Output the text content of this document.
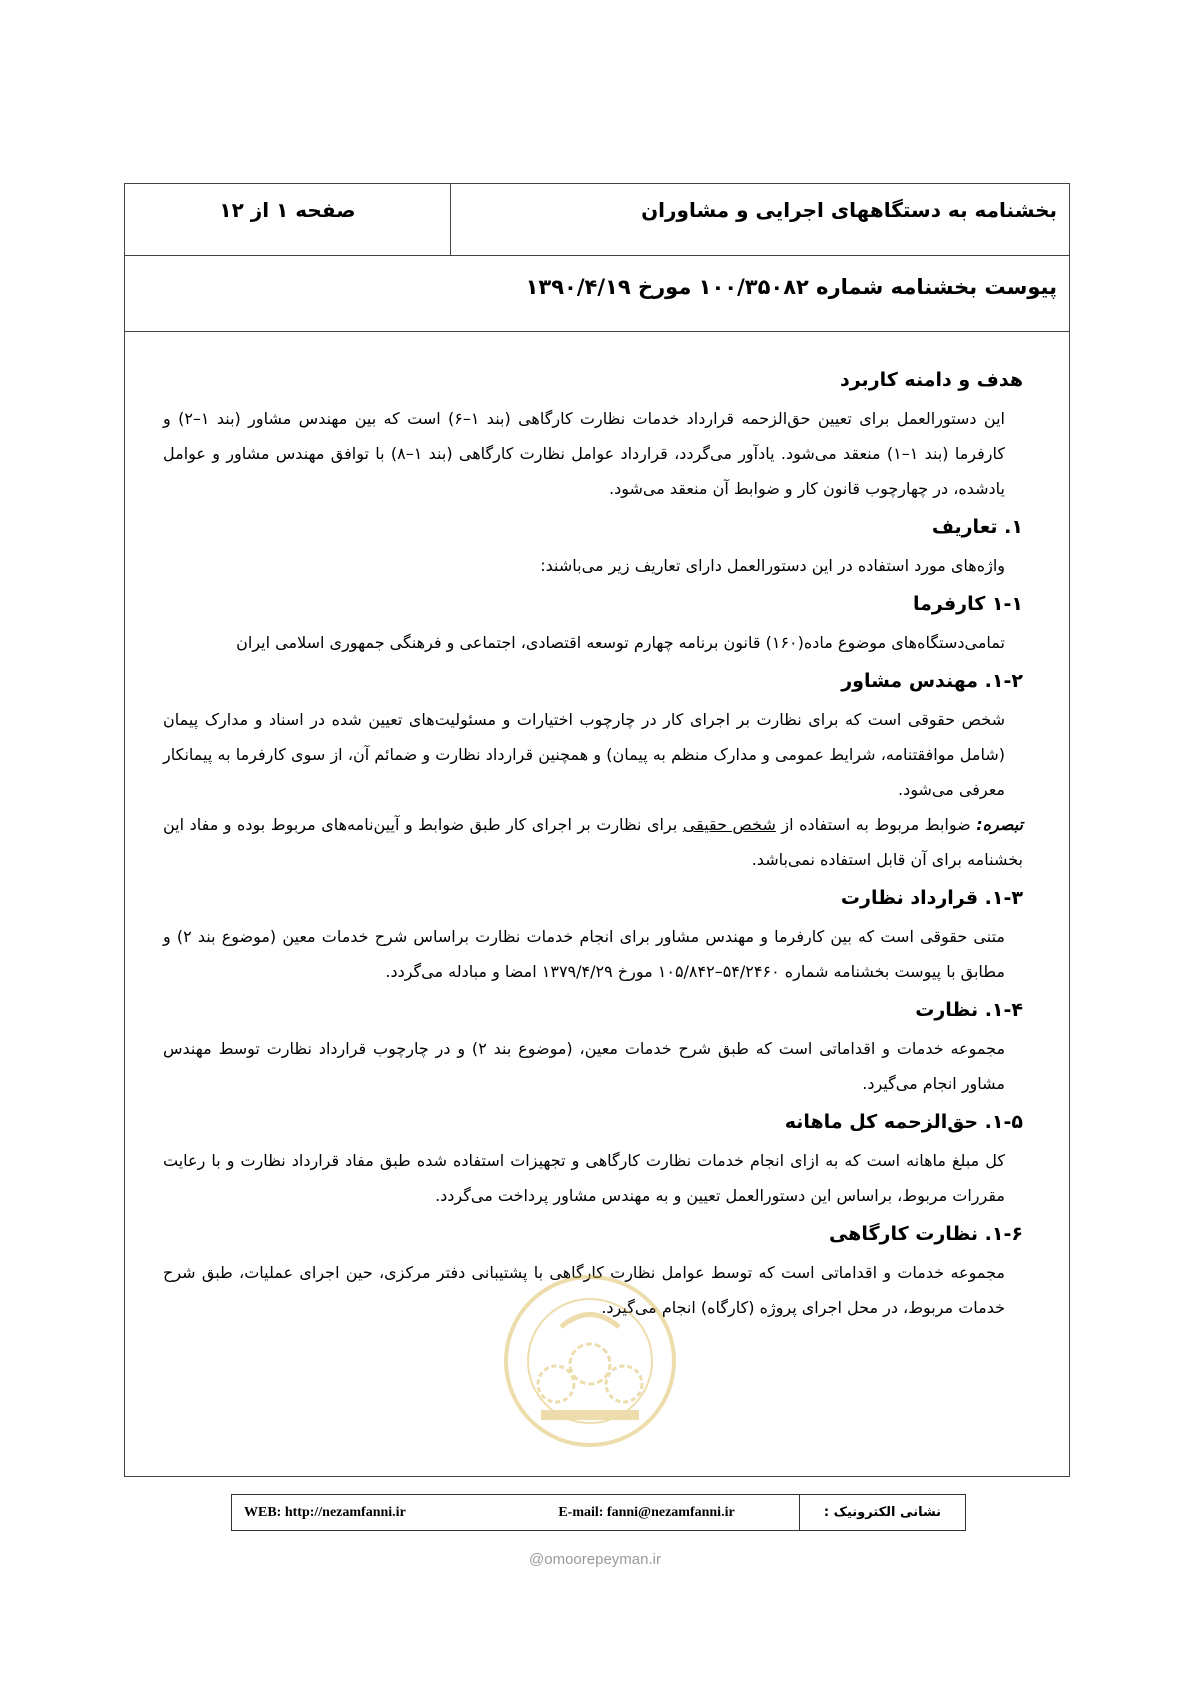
بخشنامه به دستگاههای اجرایی و مشاوران
صفحه ۱ از ۱۲
پیوست بخشنامه شماره ۱۰۰/۳۵۰۸۲ مورخ ۱۳۹۰/۴/۱۹
هدف و دامنه کاربرد

این دستورالعمل برای تعیین حق‌الزحمه قرارداد خدمات نظارت کارگاهی (بند ۱–۶) است که بین مهندس مشاور (بند ۱–۲) و کارفرما (بند ۱–۱) منعقد می‌شود. یادآور می‌گردد، قرارداد عوامل نظارت کارگاهی (بند ۱–۸) با توافق مهندس مشاور و عوامل یادشده، در چهارچوب قانون کار و ضوابط آن منعقد می‌شود.

۱. تعاریف

واژه‌های مورد استفاده در این دستورالعمل دارای تعاریف زیر می‌باشند:

۱-۱ کارفرما

تمامی‌دستگاه‌های موضوع ماده(۱۶۰) قانون برنامه چهارم توسعه اقتصادی، اجتماعی و فرهنگی جمهوری اسلامی ایران

۱-۲. مهندس مشاور

شخص حقوقی است که برای نظارت بر اجرای کار در چارچوب اختیارات و مسئولیت‌های تعیین شده در اسناد و مدارک پیمان (شامل موافقتنامه، شرایط عمومی و مدارک منظم به پیمان) و همچنین قرارداد نظارت و ضمائم آن، از سوی کارفرما به پیمانکار معرفی می‌شود.

تبصره: ضوابط مربوط به استفاده از شخص حقیقی برای نظارت بر اجرای کار طبق ضوابط و آیین‌نامه‌های مربوط بوده و مفاد این بخشنامه برای آن قابل استفاده نمی‌باشد.

۱-۳. قرارداد نظارت

متنی حقوقی است که بین کارفرما و مهندس مشاور برای انجام خدمات نظارت براساس شرح خدمات معین (موضوع بند ۲) و مطابق با پیوست بخشنامه شماره ۵۴/۲۴۶۰–۱۰۵/۸۴۲ مورخ ۱۳۷۹/۴/۲۹ امضا و مبادله می‌گردد.

۱-۴. نظارت

مجموعه خدمات و اقداماتی است که طبق شرح خدمات معین، (موضوع بند ۲) و در چارچوب قرارداد نظارت توسط مهندس مشاور انجام می‌گیرد.

۱-۵. حق‌الزحمه کل ماهانه

کل مبلغ ماهانه است که به ازای انجام خدمات نظارت کارگاهی و تجهیزات استفاده شده طبق مفاد قرارداد نظارت و با رعایت مقررات مربوط، براساس این دستورالعمل تعیین و به مهندس مشاور پرداخت می‌گردد.

۱-۶. نظارت کارگاهی

مجموعه خدمات و اقداماتی است که توسط عوامل نظارت کارگاهی با پشتیبانی دفتر مرکزی، حین اجرای عملیات، طبق شرح خدمات مربوط، در محل اجرای پروژه (کارگاه) انجام می‌گیرد.

WEB: http://nezamfanni.ir	E-mail: fanni@nezamfanni.ir	نشانی الکترونیک :
@omoorepeyman.ir
